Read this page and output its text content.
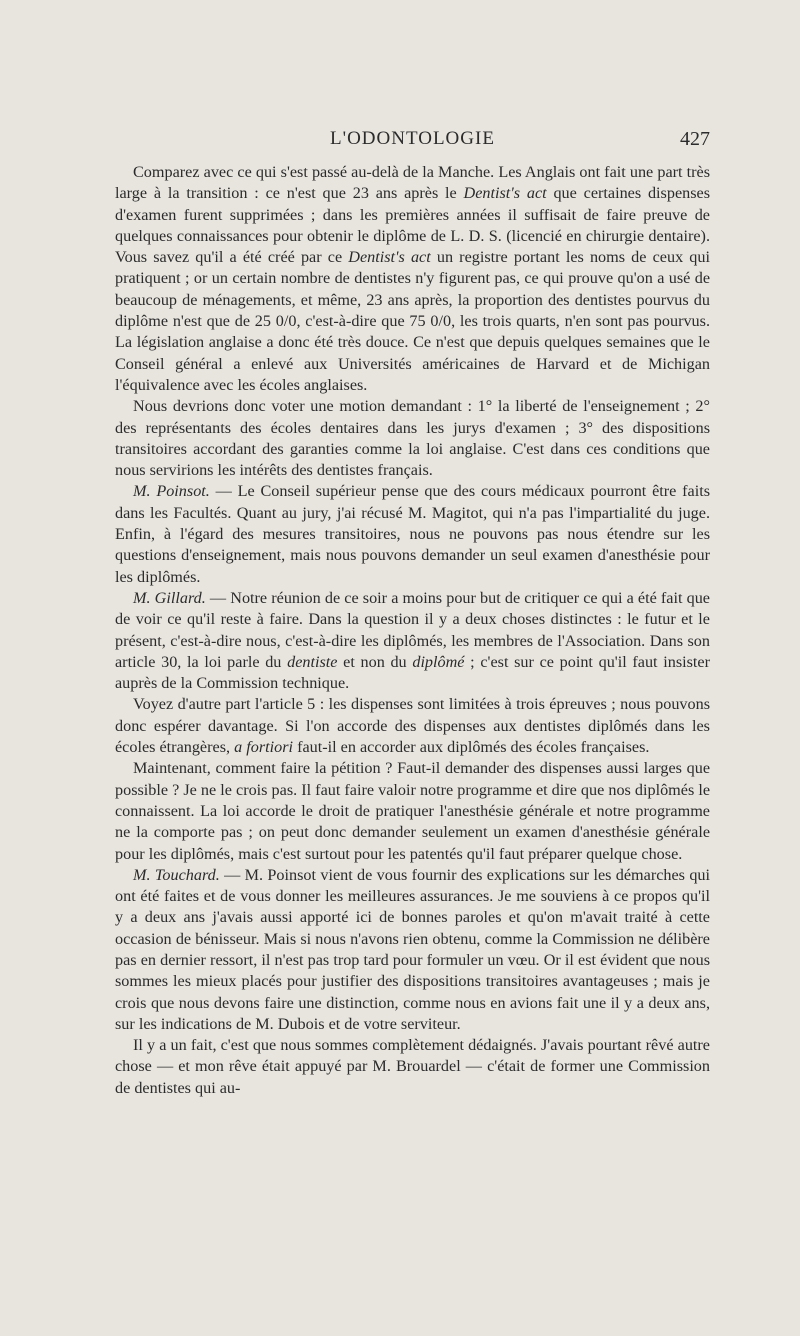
L'ODONTOLOGIE	427

Comparez avec ce qui s'est passé au-delà de la Manche. Les Anglais ont fait une part très large à la transition : ce n'est que 23 ans après le Dentist's act que certaines dispenses d'examen furent supprimées ; dans les premières années il suffisait de faire preuve de quelques connaissances pour obtenir le diplôme de L. D. S. (licencié en chirurgie dentaire). Vous savez qu'il a été créé par ce Dentist's act un registre portant les noms de ceux qui pratiquent ; or un certain nombre de dentistes n'y figurent pas, ce qui prouve qu'on a usé de beaucoup de ménagements, et même, 23 ans après, la proportion des dentistes pourvus du diplôme n'est que de 25 0/0, c'est-à-dire que 75 0/0, les trois quarts, n'en sont pas pourvus. La législation anglaise a donc été très douce. Ce n'est que depuis quelques semaines que le Conseil général a enlevé aux Universités américaines de Harvard et de Michigan l'équivalence avec les écoles anglaises.

Nous devrions donc voter une motion demandant : 1° la liberté de l'enseignement ; 2° des représentants des écoles dentaires dans les jurys d'examen ; 3° des dispositions transitoires accordant des garanties comme la loi anglaise. C'est dans ces conditions que nous servirions les intérêts des dentistes français.

M. Poinsot. — Le Conseil supérieur pense que des cours médicaux pourront être faits dans les Facultés. Quant au jury, j'ai récusé M. Magitot, qui n'a pas l'impartialité du juge. Enfin, à l'égard des mesures transitoires, nous ne pouvons pas nous étendre sur les questions d'enseignement, mais nous pouvons demander un seul examen d'anesthésie pour les diplômés.

M. Gillard. — Notre réunion de ce soir a moins pour but de critiquer ce qui a été fait que de voir ce qu'il reste à faire. Dans la question il y a deux choses distinctes : le futur et le présent, c'est-à-dire nous, c'est-à-dire les diplômés, les membres de l'Association. Dans son article 30, la loi parle du dentiste et non du diplômé ; c'est sur ce point qu'il faut insister auprès de la Commission technique.

Voyez d'autre part l'article 5 : les dispenses sont limitées à trois épreuves ; nous pouvons donc espérer davantage. Si l'on accorde des dispenses aux dentistes diplômés dans les écoles étrangères, a fortiori faut-il en accorder aux diplômés des écoles françaises.

Maintenant, comment faire la pétition ? Faut-il demander des dispenses aussi larges que possible ? Je ne le crois pas. Il faut faire valoir notre programme et dire que nos diplômés le connaissent. La loi accorde le droit de pratiquer l'anesthésie générale et notre programme ne la comporte pas ; on peut donc demander seulement un examen d'anesthésie générale pour les diplômés, mais c'est surtout pour les patentés qu'il faut préparer quelque chose.

M. Touchard. — M. Poinsot vient de vous fournir des explications sur les démarches qui ont été faites et de vous donner les meilleures assurances. Je me souviens à ce propos qu'il y a deux ans j'avais aussi apporté ici de bonnes paroles et qu'on m'avait traité à cette occasion de bénisseur. Mais si nous n'avons rien obtenu, comme la Commission ne délibère pas en dernier ressort, il n'est pas trop tard pour formuler un vœu. Or il est évident que nous sommes les mieux placés pour justifier des dispositions transitoires avantageuses ; mais je crois que nous devons faire une distinction, comme nous en avions fait une il y a deux ans, sur les indications de M. Dubois et de votre serviteur.

Il y a un fait, c'est que nous sommes complètement dédaignés. J'avais pourtant rêvé autre chose — et mon rêve était appuyé par M. Brouardel — c'était de former une Commission de dentistes qui au-
